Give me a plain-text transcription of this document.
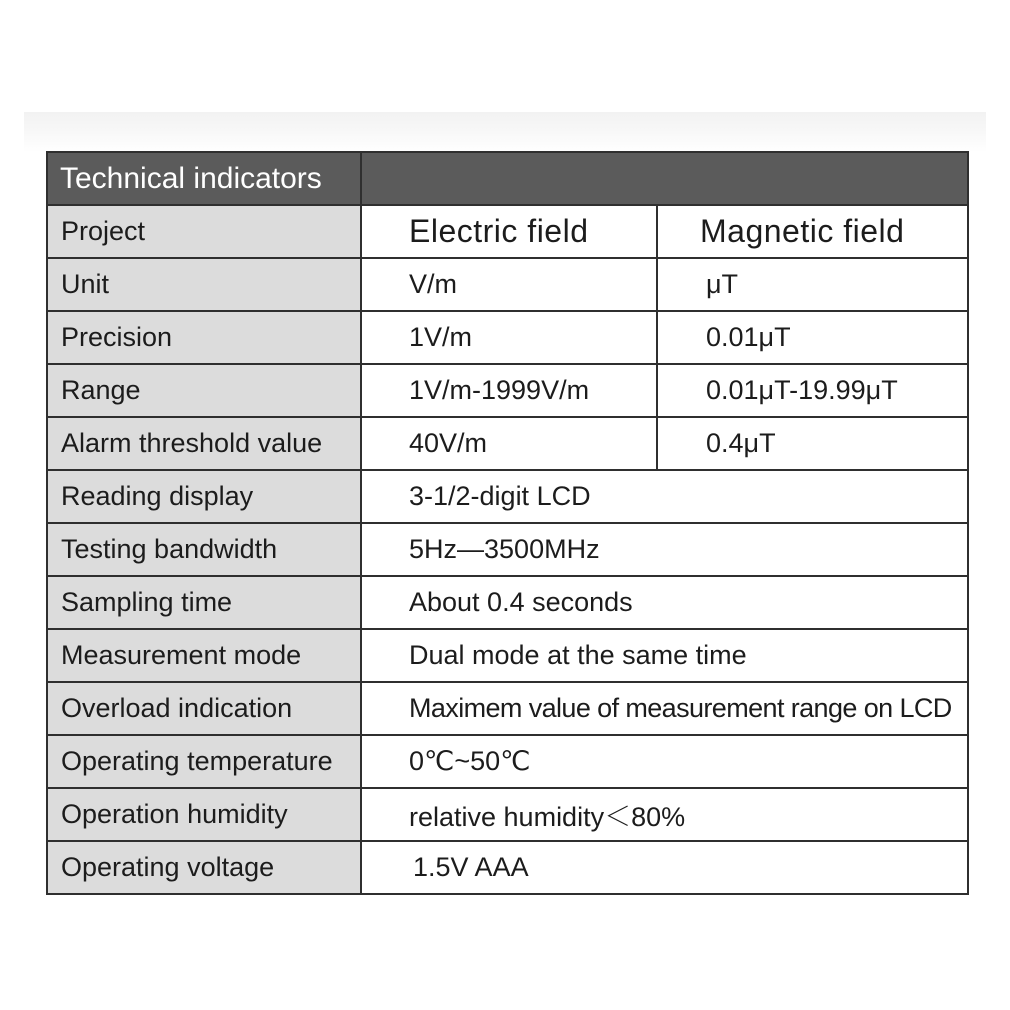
Technical indicators		
Project	Electric field	Magnetic field
Unit	V/m	μT
Precision	1V/m	0.01μT
Range	1V/m-1999V/m	0.01μT-19.99μT
Alarm threshold value	40V/m	0.4μT
Reading display	3-1/2-digit LCD	
Testing bandwidth	5Hz—3500MHz	
Sampling time	About 0.4 seconds	
Measurement mode	Dual mode at the same time	
Overload indication	Maximem value of measurement range on LCD	
Operating temperature	0℃~50℃	
Operation humidity	relative humidity＜80%	
Operating voltage	1.5V AAA	
